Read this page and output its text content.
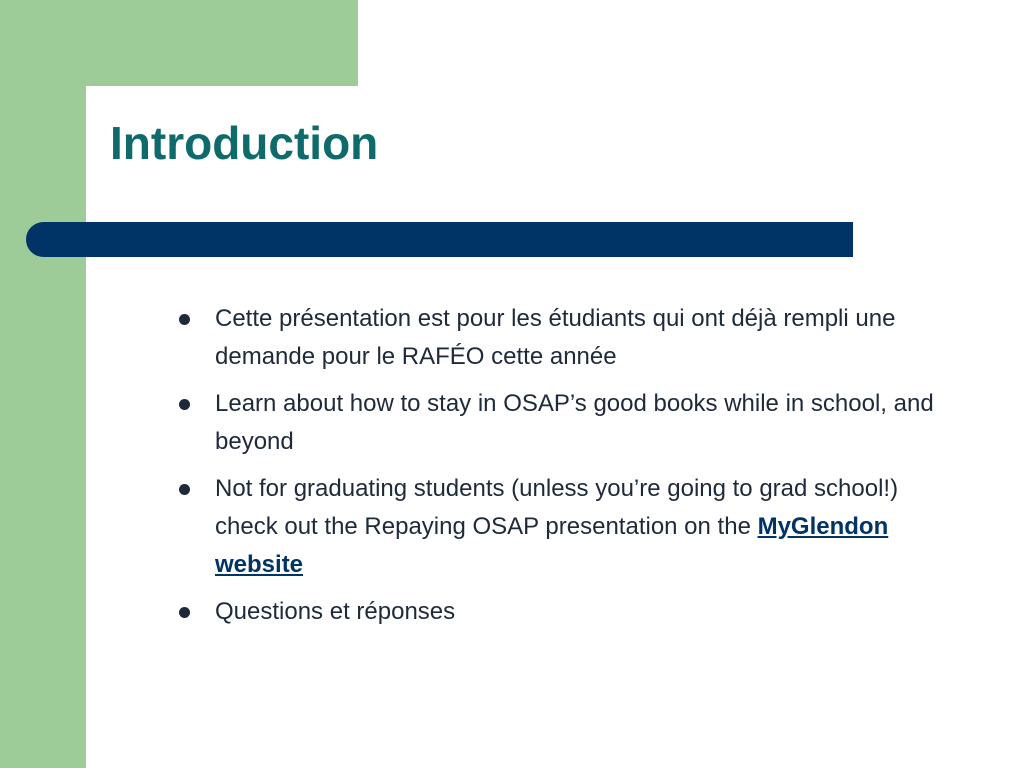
Introduction
Cette présentation est pour les étudiants qui ont déjà rempli une demande pour le RAFÉO cette année
Learn about how to stay in OSAP’s good books while in school, and beyond
Not for graduating students (unless you’re going to grad school!) check out the Repaying OSAP presentation on the MyGlendon website
Questions et réponses
